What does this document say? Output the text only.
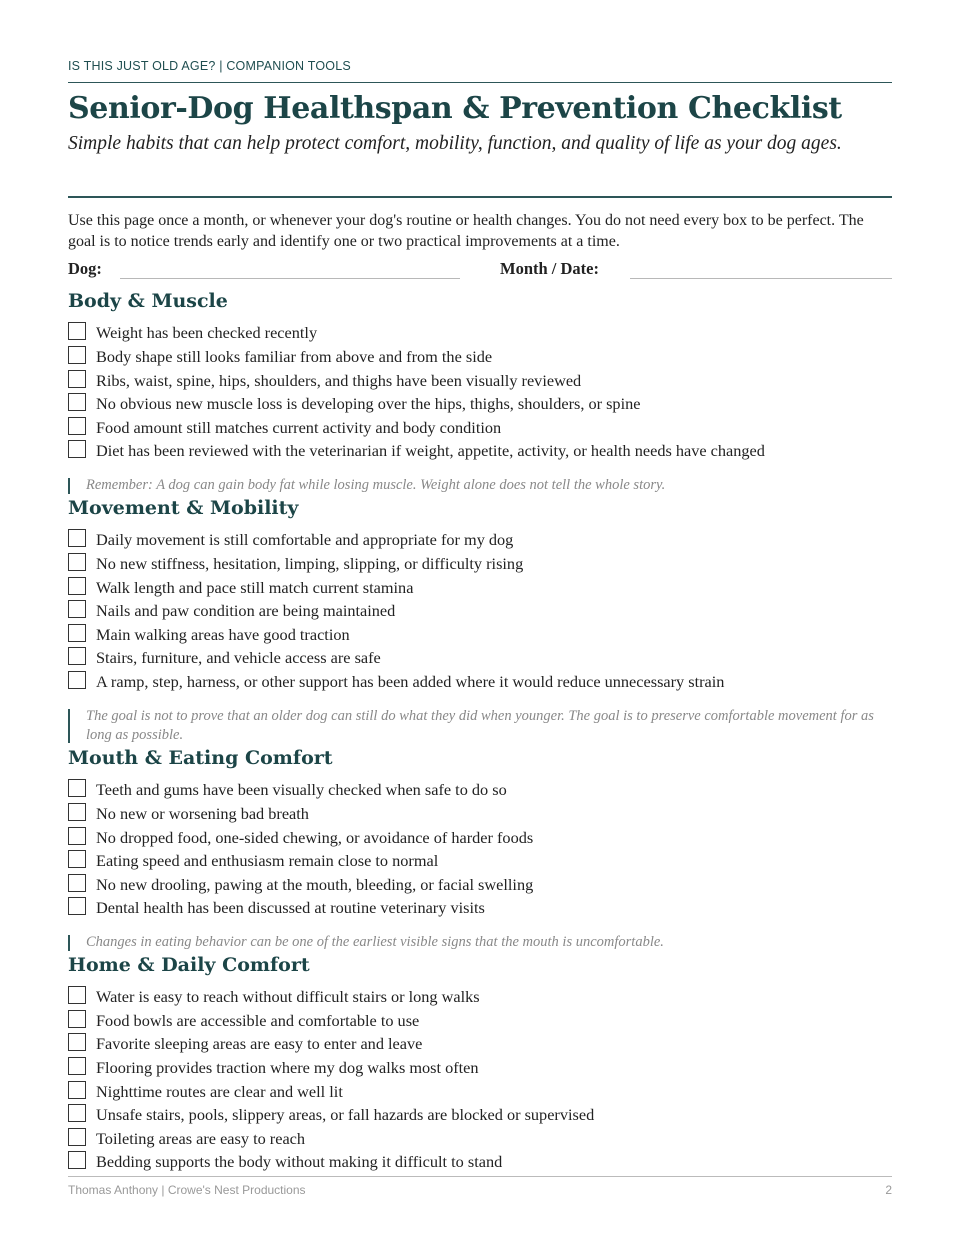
IS THIS JUST OLD AGE? | COMPANION TOOLS
Senior-Dog Healthspan & Prevention Checklist

Simple habits that can help protect comfort, mobility, function, and quality of life as your dog ages.

Use this page once a month, or whenever your dog's routine or health changes. You do not need every box to be perfect. The goal is to notice trends early and identify one or two practical improvements at a time.

Dog:	Month / Date:
Body & Muscle
Weight has been checked recently
Body shape still looks familiar from above and from the side
Ribs, waist, spine, hips, shoulders, and thighs have been visually reviewed
No obvious new muscle loss is developing over the hips, thighs, shoulders, or spine
Food amount still matches current activity and body condition
Diet has been reviewed with the veterinarian if weight, appetite, activity, or health needs have changed
Remember: A dog can gain body fat while losing muscle. Weight alone does not tell the whole story.
Movement & Mobility
Daily movement is still comfortable and appropriate for my dog
No new stiffness, hesitation, limping, slipping, or difficulty rising
Walk length and pace still match current stamina
Nails and paw condition are being maintained
Main walking areas have good traction
Stairs, furniture, and vehicle access are safe
A ramp, step, harness, or other support has been added where it would reduce unnecessary strain
The goal is not to prove that an older dog can still do what they did when younger. The goal is to preserve comfortable movement for as long as possible.
Mouth & Eating Comfort
Teeth and gums have been visually checked when safe to do so
No new or worsening bad breath
No dropped food, one-sided chewing, or avoidance of harder foods
Eating speed and enthusiasm remain close to normal
No new drooling, pawing at the mouth, bleeding, or facial swelling
Dental health has been discussed at routine veterinary visits
Changes in eating behavior can be one of the earliest visible signs that the mouth is uncomfortable.
Home & Daily Comfort
Water is easy to reach without difficult stairs or long walks
Food bowls are accessible and comfortable to use
Favorite sleeping areas are easy to enter and leave
Flooring provides traction where my dog walks most often
Nighttime routes are clear and well lit
Unsafe stairs, pools, slippery areas, or fall hazards are blocked or supervised
Toileting areas are easy to reach
Bedding supports the body without making it difficult to stand
Thomas Anthony | Crowe's Nest Productions	2
